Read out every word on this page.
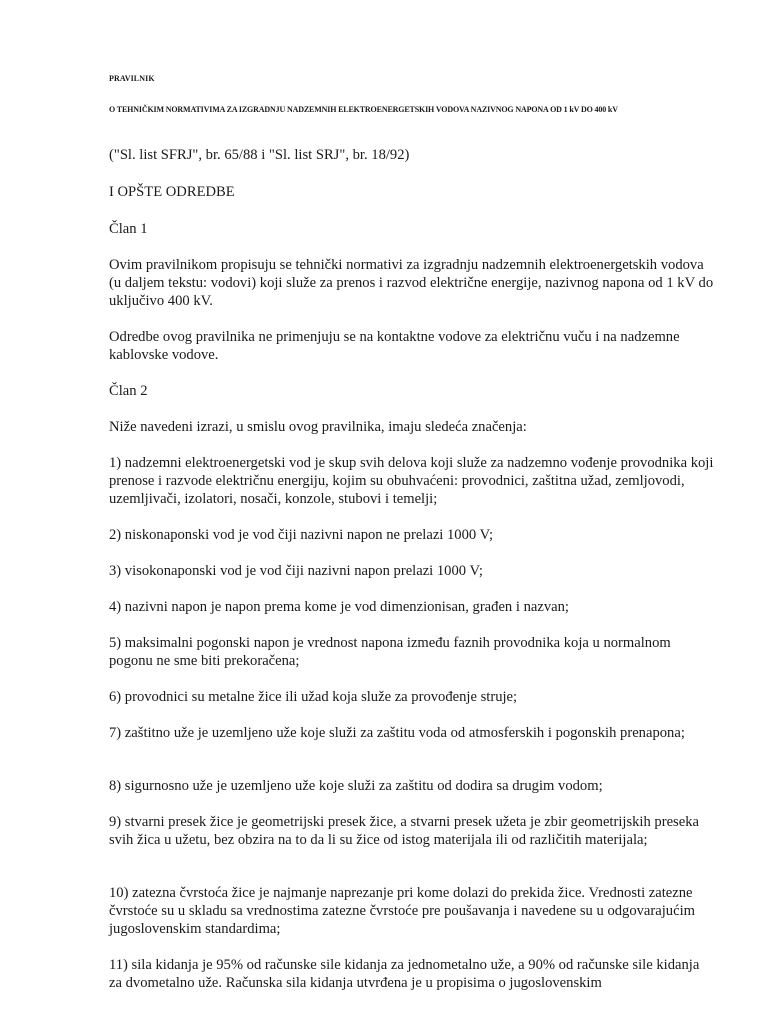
PRAVILNIK
O TEHNIČKIM NORMATIVIMA ZA IZGRADNJU NADZEMNIH ELEKTROENERGETSKIH VODOVA NAZIVNOG NAPONA OD 1 kV DO 400 kV

("Sl. list SFRJ", br. 65/88 i "Sl. list SRJ", br. 18/92)

I OPŠTE ODREDBE

Član 1

Ovim pravilnikom propisuju se tehnički normativi za izgradnju nadzemnih elektroenergetskih vodova (u daljem tekstu: vodovi) koji služe za prenos i razvod električne energije, nazivnog napona od 1 kV do uključivo 400 kV.

Odredbe ovog pravilnika ne primenjuju se na kontaktne vodove za električnu vuču i na nadzemne kablovske vodove.

Član 2

Niže navedeni izrazi, u smislu ovog pravilnika, imaju sledeća značenja:

1) nadzemni elektroenergetski vod je skup svih delova koji služe za nadzemno vođenje provodnika koji prenose i razvode električnu energiju, kojim su obuhvaćeni: provodnici, zaštitna užad, zemljovodi, uzemljivači, izolatori, nosači, konzole, stubovi i temelji;

2) niskonaponski vod je vod čiji nazivni napon ne prelazi 1000 V;

3) visokonaponski vod je vod čiji nazivni napon prelazi 1000 V;

4) nazivni napon je napon prema kome je vod dimenzionisan, građen i nazvan;

5) maksimalni pogonski napon je vrednost napona između faznih provodnika koja u normalnom pogonu ne sme biti prekoračena;

6) provodnici su metalne žice ili užad koja služe za provođenje struje;

7) zaštitno uže je uzemljeno uže koje služi za zaštitu voda od atmosferskih i pogonskih prenapona;

8) sigurnosno uže je uzemljeno uže koje služi za zaštitu od dodira sa drugim vodom;

9) stvarni presek žice je geometrijski presek žice, a stvarni presek užeta je zbir geometrijskih preseka svih žica u užetu, bez obzira na to da li su žice od istog materijala ili od različitih materijala;

10) zatezna čvrstoća žice je najmanje naprezanje pri kome dolazi do prekida žice. Vrednosti zatezne čvrstoće su u skladu sa vrednostima zatezne čvrstoće pre poušavanja i navedene su u odgovarajućim jugoslovenskim standardima;

11) sila kidanja je 95% od računske sile kidanja za jednometalno uže, a 90% od računske sile kidanja za dvometalno uže. Računska sila kidanja utvrđena je u propisima o jugoslovenskim
